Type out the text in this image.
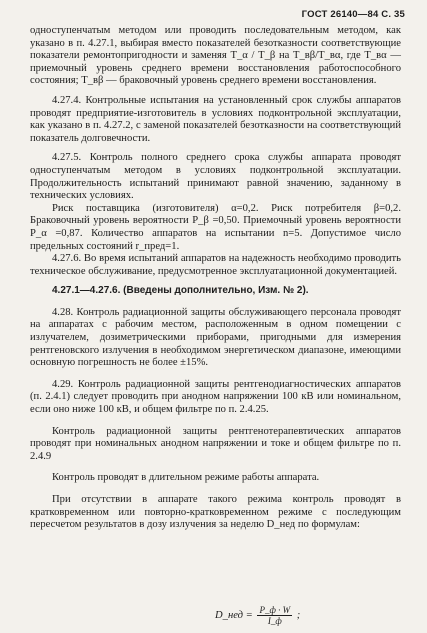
ГОСТ 26140—84 С. 35

одноступенчатым методом или проводить последовательным методом, как указано в п. 4.27.1, выбирая вместо показателей безотказности соответствующие показатели ремонтопригодности и заменяя T_α / T_β на T_вβ/T_вα, где T_вα — приемочный уровень среднего времени восстановления работоспособного состояния; T_вβ — браковочный уровень среднего времени восстановления.

4.27.4. Контрольные испытания на установленный срок службы аппаратов проводят предприятие-изготовитель в условиях подконтрольной эксплуатации, как указано в п. 4.27.2, с заменой показателей безотказности на соответствующий показатель долговечности.

4.27.5. Контроль полного среднего срока службы аппарата проводят одноступенчатым методом в условиях подконтрольной эксплуатации. Продолжительность испытаний принимают равной значению, заданному в технических условиях.

Риск поставщика (изготовителя) α=0,2. Риск потребителя β=0,2. Браковочный уровень вероятности P_β =0,50. Приемочный уровень вероятности P_α =0,87. Количество аппаратов на испытании n=5. Допустимое число предельных состояний r_пред=1.

4.27.6. Во время испытаний аппаратов на надежность необходимо проводить техническое обслуживание, предусмотренное эксплуатационной документацией.

4.27.1—4.27.6. (Введены дополнительно, Изм. № 2).

4.28. Контроль радиационной защиты обслуживающего персонала проводят на аппаратах с рабочим местом, расположенным в одном помещении с излучателем, дозиметрическими приборами, пригодными для измерения рентгеновского излучения в необходимом энергетическом диапазоне, имеющими основную погрешность не более ±15%.

4.29. Контроль радиационной защиты рентгенодиагностических аппаратов (п. 2.4.1) следует проводить при анодном напряжении 100 кВ или номинальном, если оно ниже 100 кВ, и общем фильтре по п. 2.4.25.

Контроль радиационной защиты рентгенотерапевтических аппаратов проводят при номинальных анодном напряжении и токе и общем фильтре по п. 2.4.9

Контроль проводят в длительном режиме работы аппарата.

При отсутствии в аппарате такого режима контроль проводят в кратковременном или повторно-кратковременном режиме с последующим пересчетом результатов в дозу излучения за неделю D_нед по формулам:

D_нед = $\frac{P\_ф \cdot W}{I\_ф}$ ;
